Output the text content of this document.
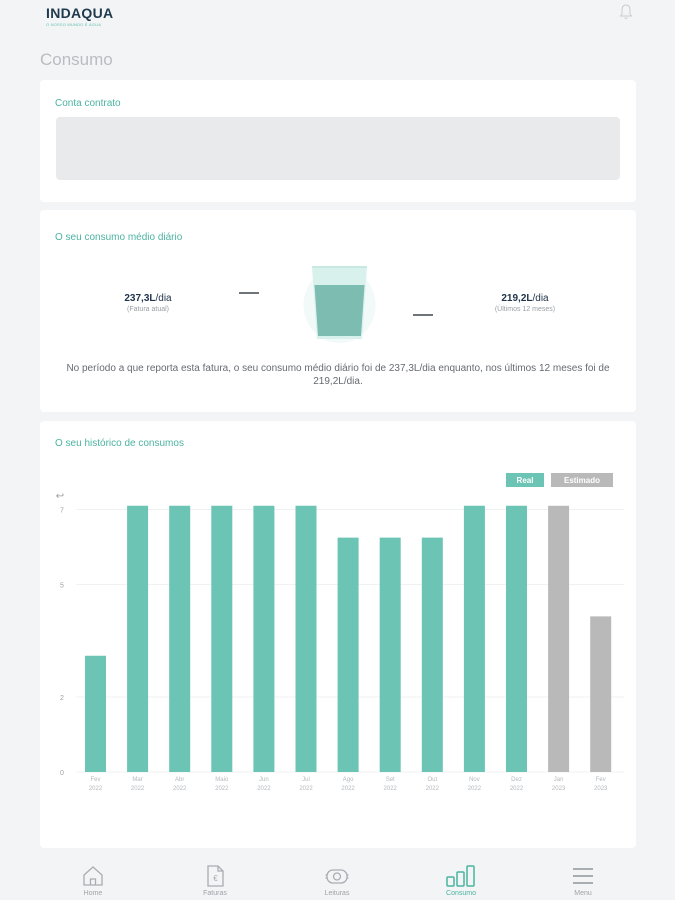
INDAQUA
O NOSSO MUNDO É ÁGUA
Consumo
Conta contrato
O seu consumo médio diário
237,3L/dia
(Fatura atual)
219,2L/dia
(Últimos 12 meses)
No período a que reporta esta fatura, o seu consumo médio diário foi de 237,3L/dia enquanto, nos últimos 12 meses foi de 219,2L/dia.
O seu histórico de consumos
0
2
5
7
↩
Fev
2022
Mar
2022
Abr
2022
Maio
2022
Jun
2022
Jul
2022
Ago
2022
Set
2022
Out
2022
Nov
2022
Dez
2022
Jan
2023
Fev
2023
Real	Estimado
Home
€
Faturas	Leituras	Consumo	Menu
